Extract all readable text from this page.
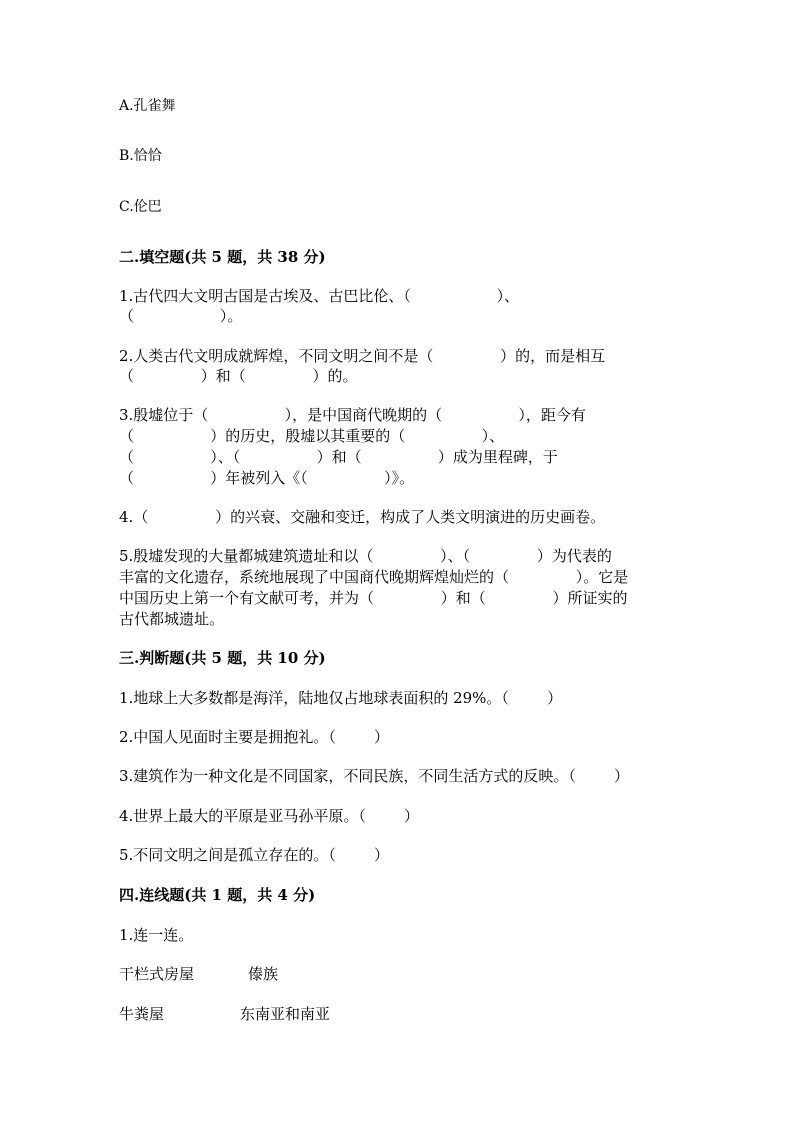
A.孔雀舞
B.恰恰
C.伦巴
二.填空题(共 5 题，共 38 分)
1.古代四大文明古国是古埃及、古巴比伦、（                  ）、
（                  ）。
2.人类古代文明成就辉煌，不同文明之间不是（              ）的，而是相互
（              ）和（              ）的。
3.殷墟位于（                ），是中国商代晚期的（                ），距今有
（                ）的历史，殷墟以其重要的（                ）、
（                ）、（                ）和（                ）成为里程碑，于
（                ）年被列入《（                ）》。
4.（              ）的兴衰、交融和变迁，构成了人类文明演进的历史画卷。
5.殷墟发现的大量都城建筑遗址和以（              ）、（              ）为代表的
丰富的文化遗存，系统地展现了中国商代晚期辉煌灿烂的（              ）。它是
中国历史上第一个有文献可考，并为（              ）和（              ）所证实的
古代都城遗址。
三.判断题(共 5 题，共 10 分)
1.地球上大多数都是海洋，陆地仅占地球表面积的 29%。（        ）
2.中国人见面时主要是拥抱礼。（        ）
3.建筑作为一种文化是不同国家，不同民族，不同生活方式的反映。（        ）
4.世界上最大的平原是亚马孙平原。（        ）
5.不同文明之间是孤立存在的。（        ）
四.连线题(共 1 题，共 4 分)
1.连一连。
干栏式房屋	傣族
牛粪屋	东南亚和南亚
